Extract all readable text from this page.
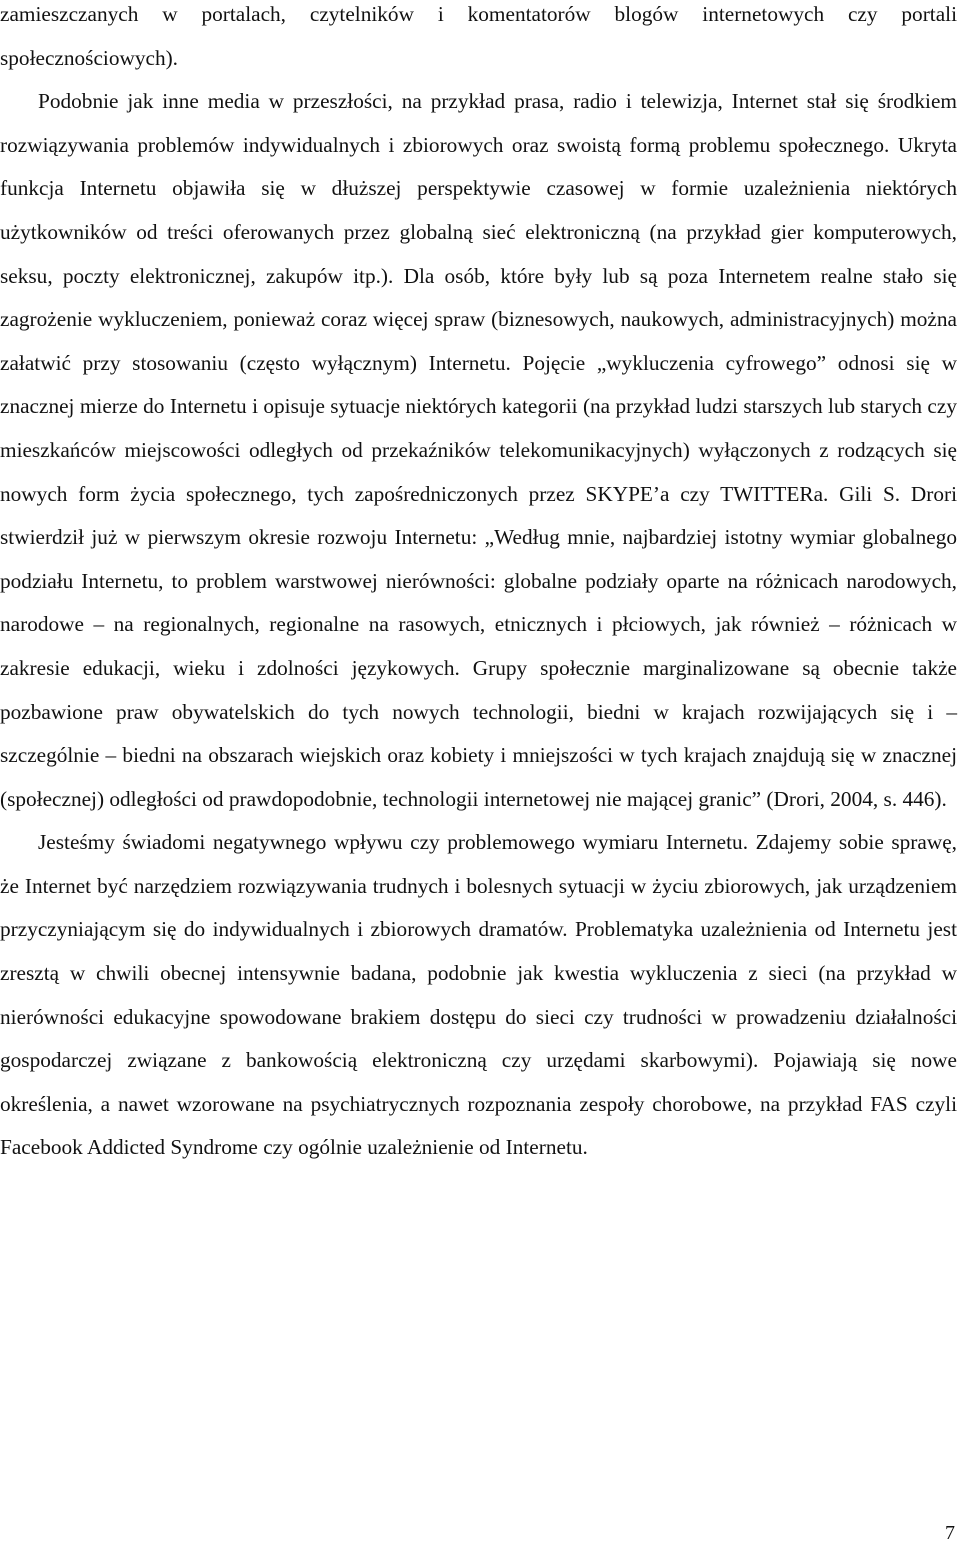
zamieszczanych w portalach, czytelników i komentatorów blogów internetowych czy portali społecznościowych).

Podobnie jak inne media w przeszłości, na przykład prasa, radio i telewizja, Internet stał się środkiem rozwiązywania problemów indywidualnych i zbiorowych oraz swoistą formą problemu społecznego. Ukryta funkcja Internetu objawiła się w dłuższej perspektywie czasowej w formie uzależnienia niektórych użytkowników od treści oferowanych przez globalną sieć elektroniczną (na przykład gier komputerowych, seksu, poczty elektronicznej, zakupów itp.). Dla osób, które były lub są poza Internetem realne stało się zagrożenie wykluczeniem, ponieważ coraz więcej spraw (biznesowych, naukowych, administracyjnych) można załatwić przy stosowaniu (często wyłącznym) Internetu. Pojęcie „wykluczenia cyfrowego” odnosi się w znacznej mierze do Internetu i opisuje sytuacje niektórych kategorii (na przykład ludzi starszych lub starych czy mieszkańców miejscowości odległych od przekaźników telekomunikacyjnych) wyłączonych z rodzących się nowych form życia społecznego, tych zapośredniczonych przez SKYPE’a czy TWITTERa. Gili S. Drori stwierdził już w pierwszym okresie rozwoju Internetu: „Według mnie, najbardziej istotny wymiar globalnego podziału Internetu, to problem warstwowej nierówności: globalne podziały oparte na różnicach narodowych, narodowe – na regionalnych, regionalne na rasowych, etnicznych i płciowych, jak również – różnicach w zakresie edukacji, wieku i zdolności językowych. Grupy społecznie marginalizowane są obecnie także pozbawione praw obywatelskich do tych nowych technologii, biedni w krajach rozwijających się i – szczególnie – biedni na obszarach wiejskich oraz kobiety i mniejszości w tych krajach znajdują się w znacznej (społecznej) odległości od prawdopodobnie, technologii internetowej nie mającej granic” (Drori, 2004, s. 446).

Jesteśmy świadomi negatywnego wpływu czy problemowego wymiaru Internetu. Zdajemy sobie sprawę, że Internet być narzędziem rozwiązywania trudnych i bolesnych sytuacji w życiu zbiorowych, jak urządzeniem przyczyniającym się do indywidualnych i zbiorowych dramatów. Problematyka uzależnienia od Internetu jest zresztą w chwili obecnej intensywnie badana, podobnie jak kwestia wykluczenia z sieci (na przykład w nierówności edukacyjne spowodowane brakiem dostępu do sieci czy trudności w prowadzeniu działalności gospodarczej związane z bankowością elektroniczną czy urzędami skarbowymi). Pojawiają się nowe określenia, a nawet wzorowane na psychiatrycznych rozpoznania zespoły chorobowe, na przykład FAS czyli Facebook Addicted Syndrome czy ogólnie uzależnienie od Internetu.

7
